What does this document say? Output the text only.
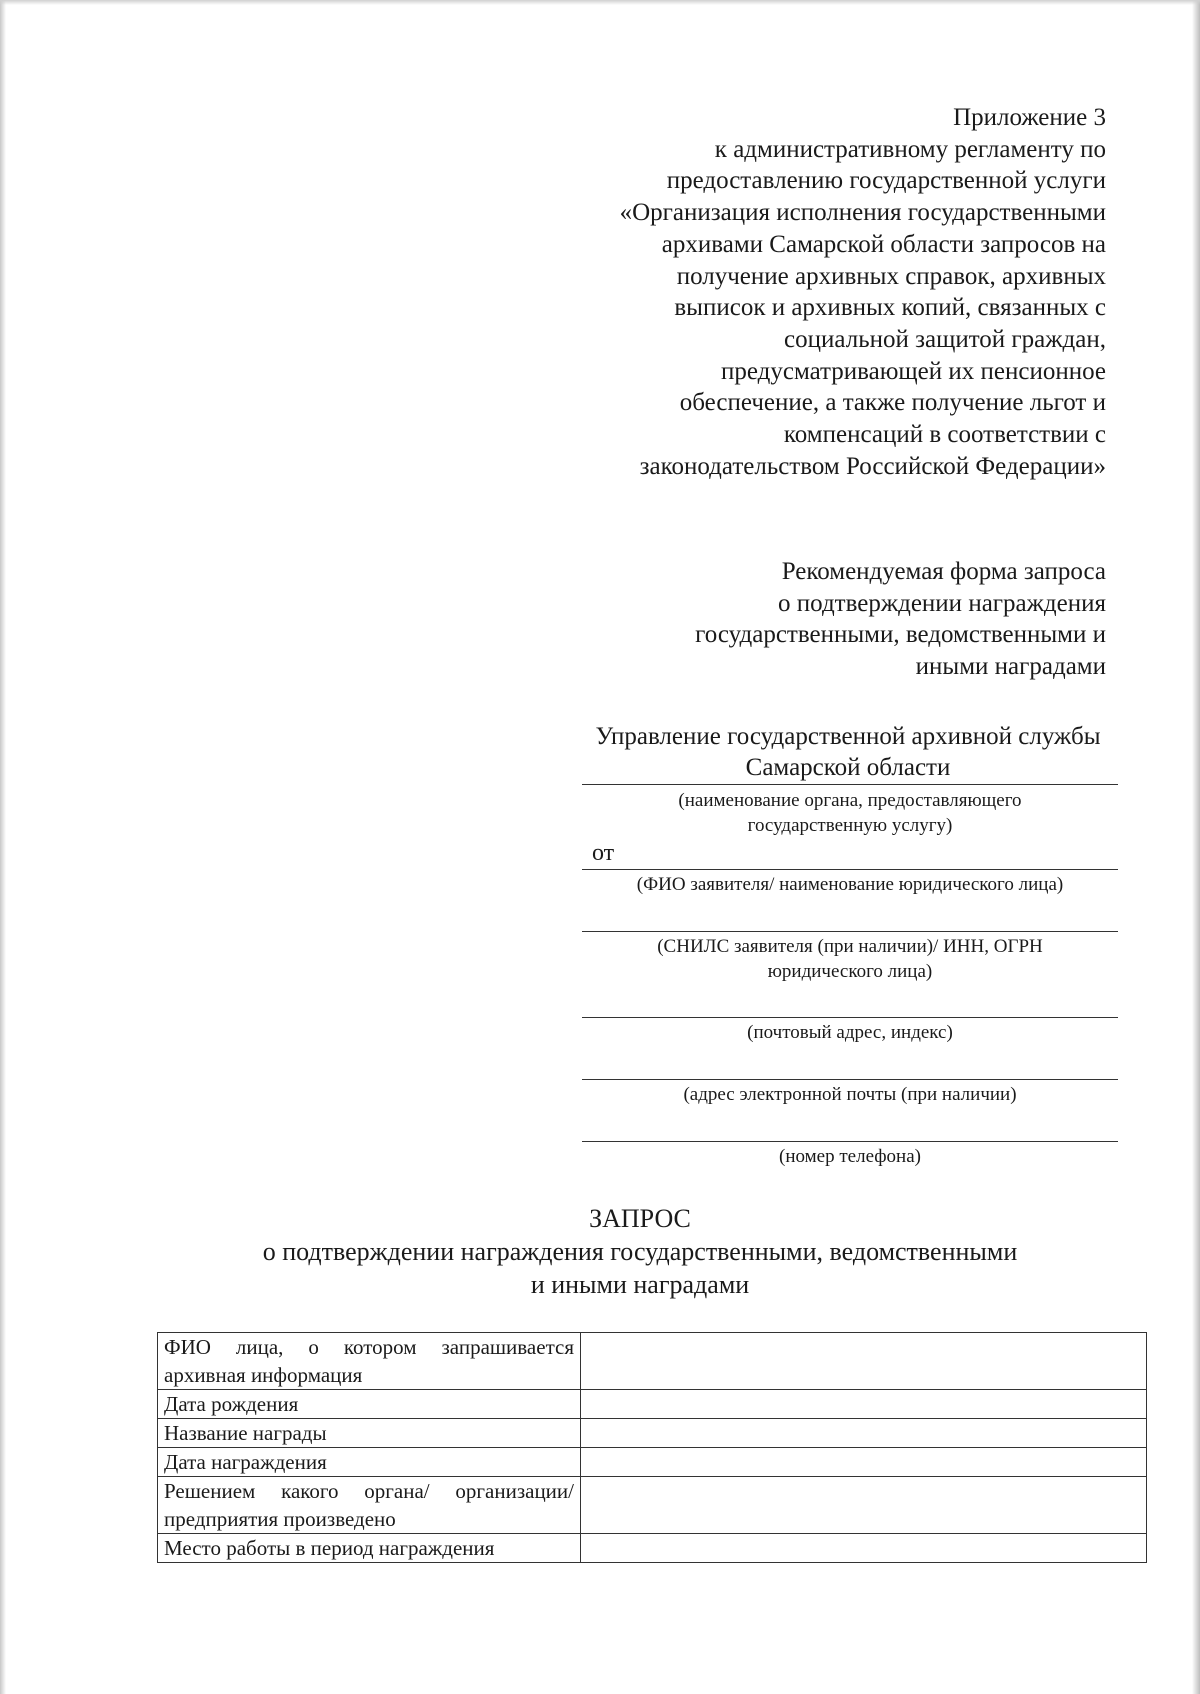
Приложение 3
к административному регламенту по
предоставлению государственной услуги
«Организация исполнения государственными
архивами Самарской области запросов на
получение архивных справок, архивных
выписок и архивных копий, связанных с
социальной защитой граждан,
предусматривающей их пенсионное
обеспечение, а также получение льгот и
компенсаций в соответствии с
законодательством Российской Федерации»
Рекомендуемая форма запроса
о подтверждении награждения
государственными, ведомственными и
иными наградами
Управление государственной архивной службы Самарской области
(наименование органа, предоставляющего государственную услугу)
от
(ФИО заявителя/ наименование юридического лица)
(СНИЛС заявителя (при наличии)/ ИНН, ОГРН юридического лица)
(почтовый адрес, индекс)
(адрес электронной почты (при наличии)
(номер телефона)
ЗАПРОС
о подтверждении награждения государственными, ведомственными
и иными наградами
ФИО лица, о котором запрашивается архивная информация	
Дата рождения	
Название награды	
Дата награждения	
Решением какого органа/ организации/ предприятия произведено	
Место работы в период награждения	
